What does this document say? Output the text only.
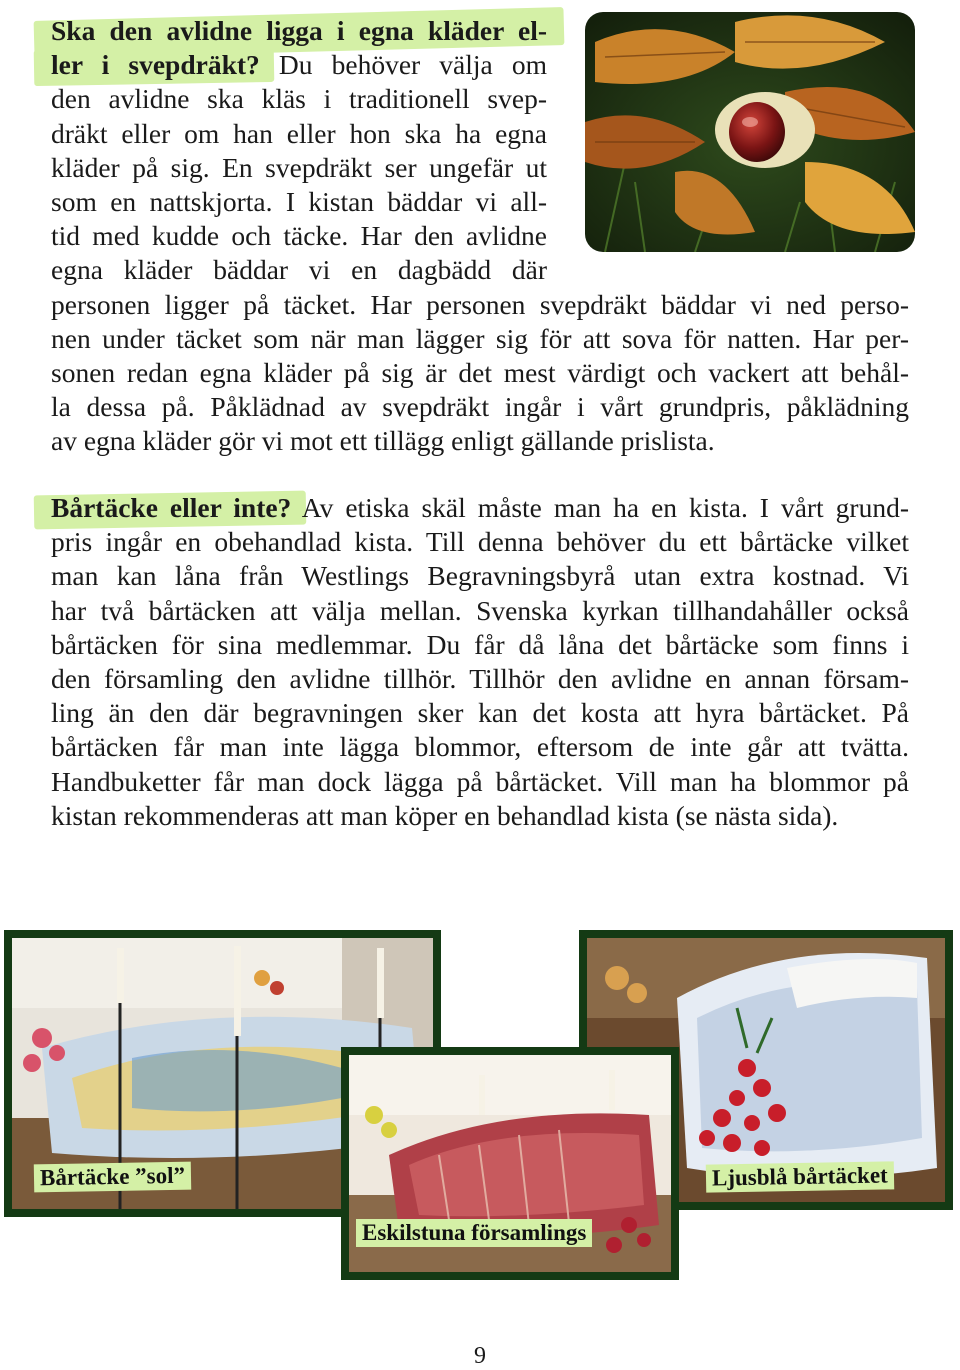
Ska den avlidne ligga i egna kläder el-
ler i svepdräkt? Du behöver välja om
den avlidne ska kläs i traditionell svep-
dräkt eller om han eller hon ska ha egna
kläder på sig. En svepdräkt ser ungefär ut
som en nattskjorta. I kistan bäddar vi all-
tid med kudde och täcke. Har den avlidne
egna kläder bäddar vi en dagbädd där
personen ligger på täcket. Har personen svepdräkt bäddar vi ned perso-
nen under täcket som när man lägger sig för att sova för natten. Har per-
sonen redan egna kläder på sig är det mest värdigt och vackert att behål-
la dessa på. Påklädnad av svepdräkt ingår i vårt grundpris, påklädning
av egna kläder gör vi mot ett tillägg enligt gällande prislista.
Bårtäcke eller inte? Av etiska skäl måste man ha en kista. I vårt grund-
pris ingår en obehandlad kista. Till denna behöver du ett bårtäcke vilket
man kan låna från Westlings Begravningsbyrå utan extra kostnad. Vi
har två bårtäcken att välja mellan. Svenska kyrkan tillhandahåller också
bårtäcken för sina medlemmar. Du får då låna det bårtäcke som finns i
den församling den avlidne tillhör. Tillhör den avlidne en annan försam-
ling än den där begravningen sker kan det kosta att hyra bårtäcket. På
bårtäcken får man inte lägga blommor, eftersom de inte går att tvätta.
Handbuketter får man dock lägga på bårtäcket. Vill man ha blommor på
kistan rekommenderas att man köper en behandlad kista (se nästa sida).
Bårtäcke ”sol”	Ljusblå bårtäcket
Eskilstuna församlings
9
